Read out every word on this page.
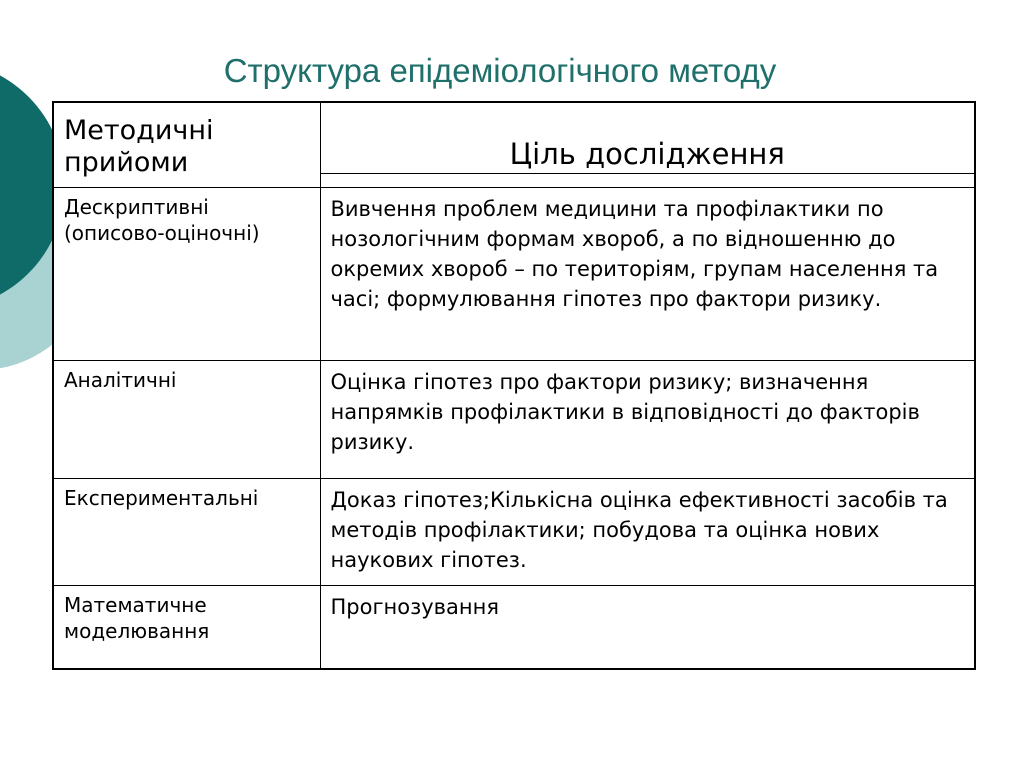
Структура епідеміологічного методу
Методичні прийоми	Ціль дослідження

Дескриптивні (описово-оціночні)	Вивчення проблем медицини та профілактики по нозологічним формам хвороб, а по відношенню до окремих хвороб – по територіям, групам населення та часі; формулювання гіпотез про фактори ризику.
Аналітичні	Оцінка гіпотез про фактори ризику; визначення напрямків профілактики в відповідності до факторів ризику.
Експериментальні	Доказ гіпотез;Кількісна оцінка ефективності засобів та методів профілактики; побудова та оцінка нових наукових гіпотез.
Математичне моделювання	Прогнозування
